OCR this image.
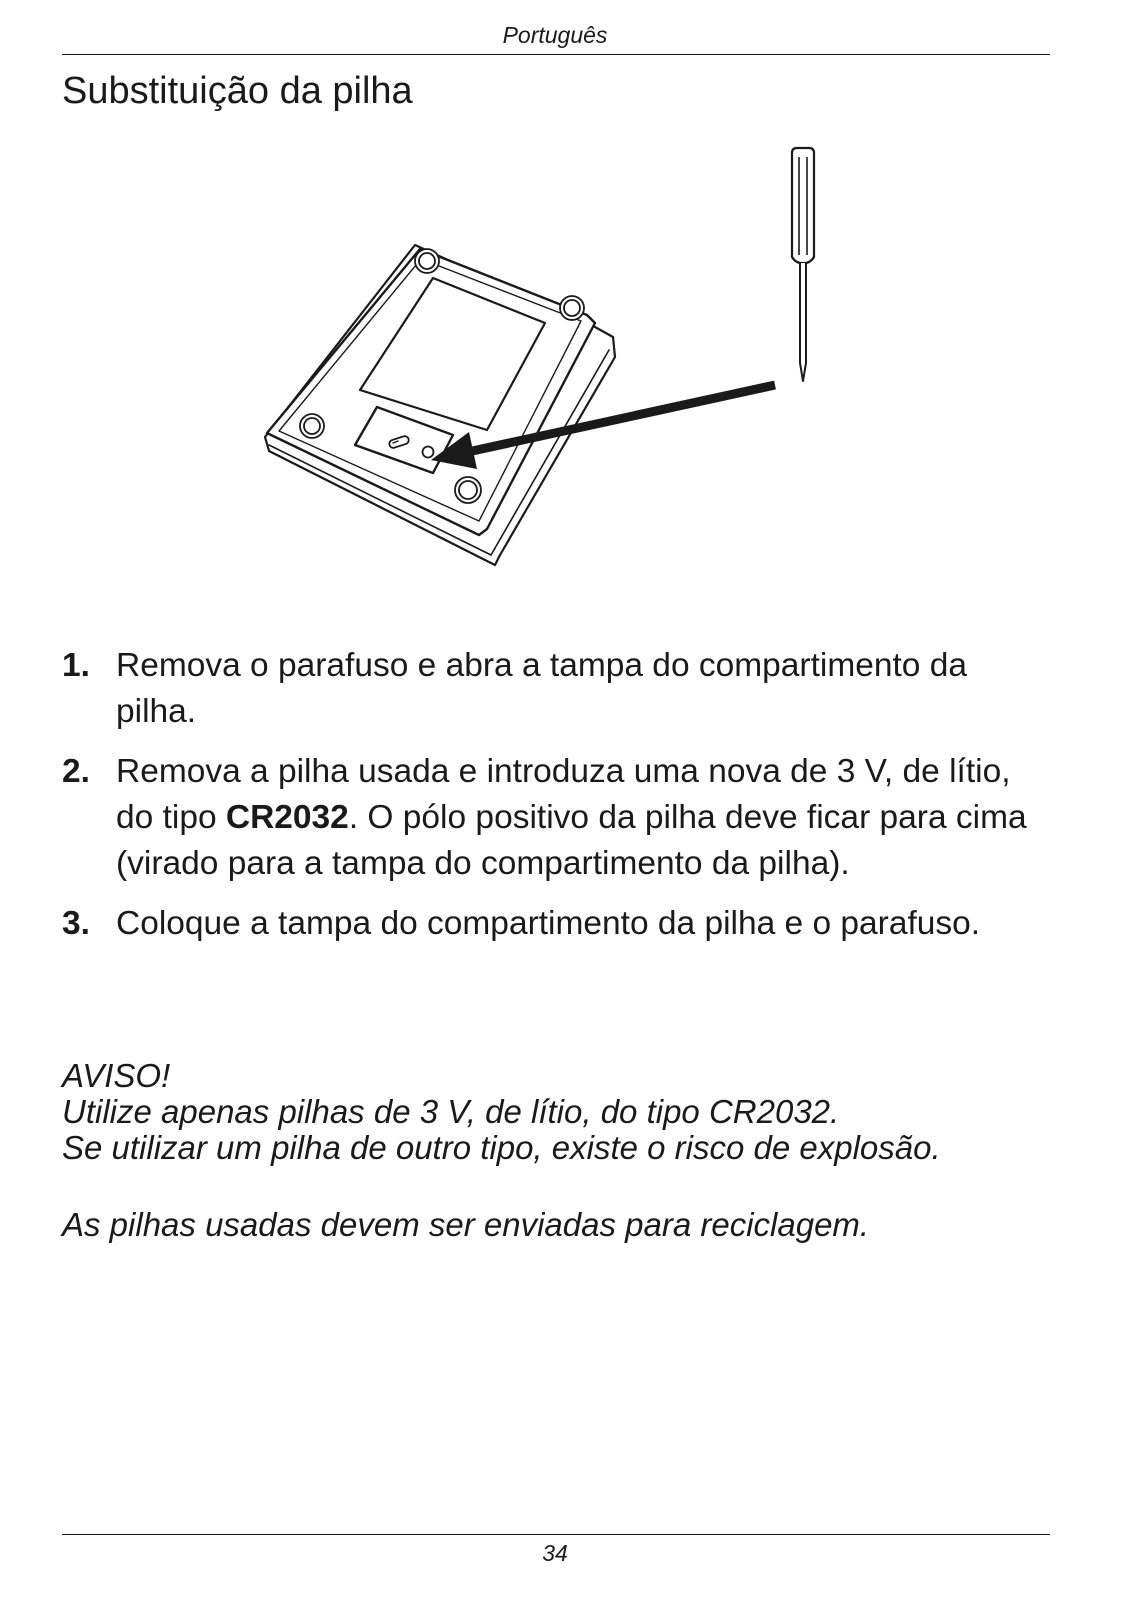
Português
Substituição da pilha
1. Remova o parafuso e abra a tampa do compartimento da pilha.
2. Remova a pilha usada e introduza uma nova de 3 V, de lítio, do tipo CR2032. O pólo positivo da pilha deve ficar para cima (virado para a tampa do compartimento da pilha).
3. Coloque a tampa do compartimento da pilha e o parafuso.
AVISO!
Utilize apenas pilhas de 3 V, de lítio, do tipo CR2032.
Se utilizar um pilha de outro tipo, existe o risco de explosão.
As pilhas usadas devem ser enviadas para reciclagem.
34
